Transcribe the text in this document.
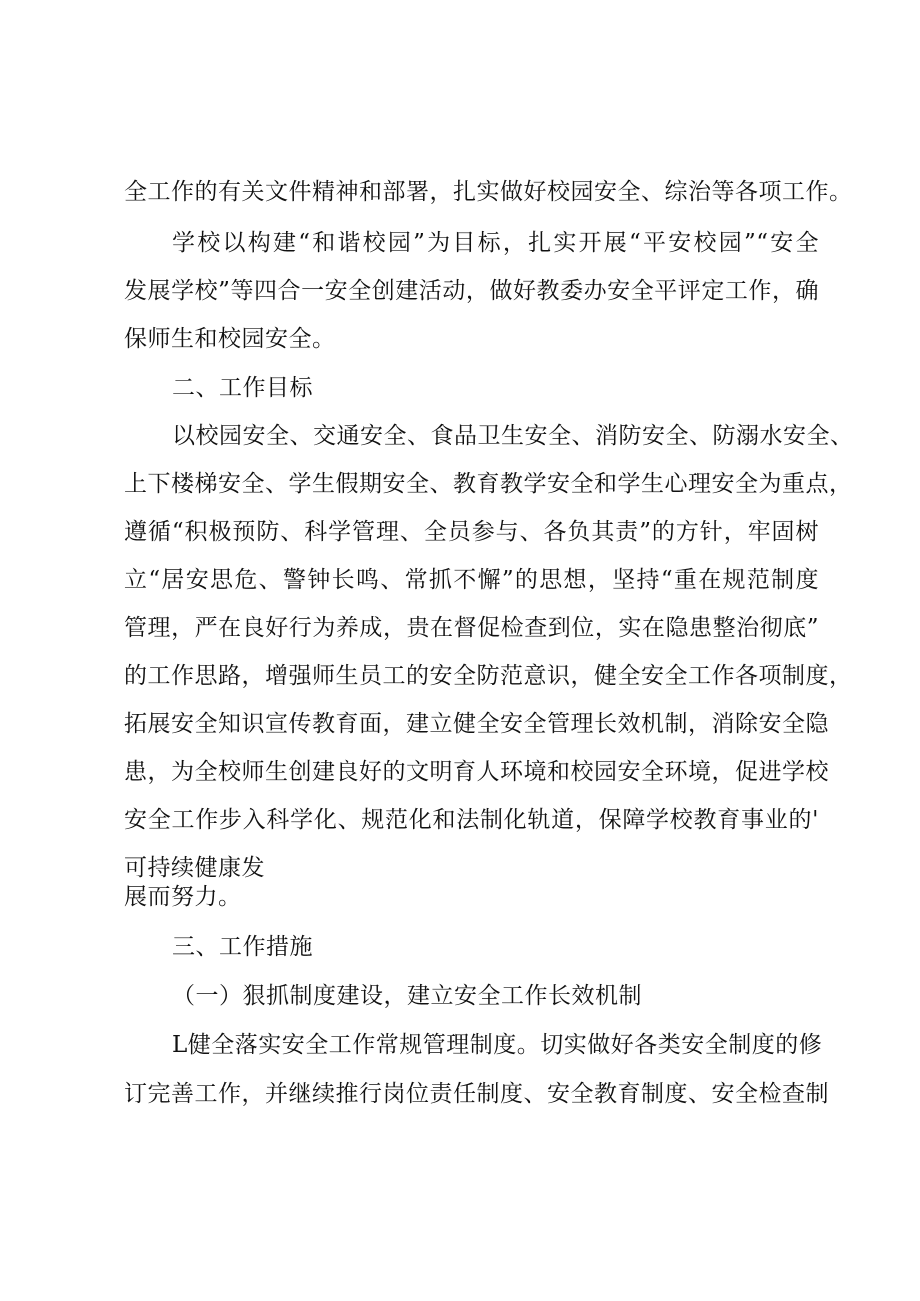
全工作的有关文件精神和部署，扎实做好校园安全、综治等各项工作。
学校以构建“和谐校园”为目标，扎实开展“平安校园”“安全
发展学校”等四合一安全创建活动，做好教委办安全平评定工作，确
保师生和校园安全。
二、工作目标
以校园安全、交通安全、食品卫生安全、消防安全、防溺水安全、
上下楼梯安全、学生假期安全、教育教学安全和学生心理安全为重点，
遵循“积极预防、科学管理、全员参与、各负其责”的方针，牢固树
立“居安思危、警钟长鸣、常抓不懈”的思想，坚持“重在规范制度
管理，严在良好行为养成，贵在督促检查到位，实在隐患整治彻底”
的工作思路，增强师生员工的安全防范意识，健全安全工作各项制度，
拓展安全知识宣传教育面，建立健全安全管理长效机制，消除安全隐
患，为全校师生创建良好的文明育人环境和校园安全环境，促进学校
安全工作步入科学化、规范化和法制化轨道，保障学校教育事业的'
可持续健康发
展而努力。
三、工作措施
（一）狠抓制度建设，建立安全工作长效机制
L健全落实安全工作常规管理制度。切实做好各类安全制度的修
订完善工作，并继续推行岗位责任制度、安全教育制度、安全检查制
